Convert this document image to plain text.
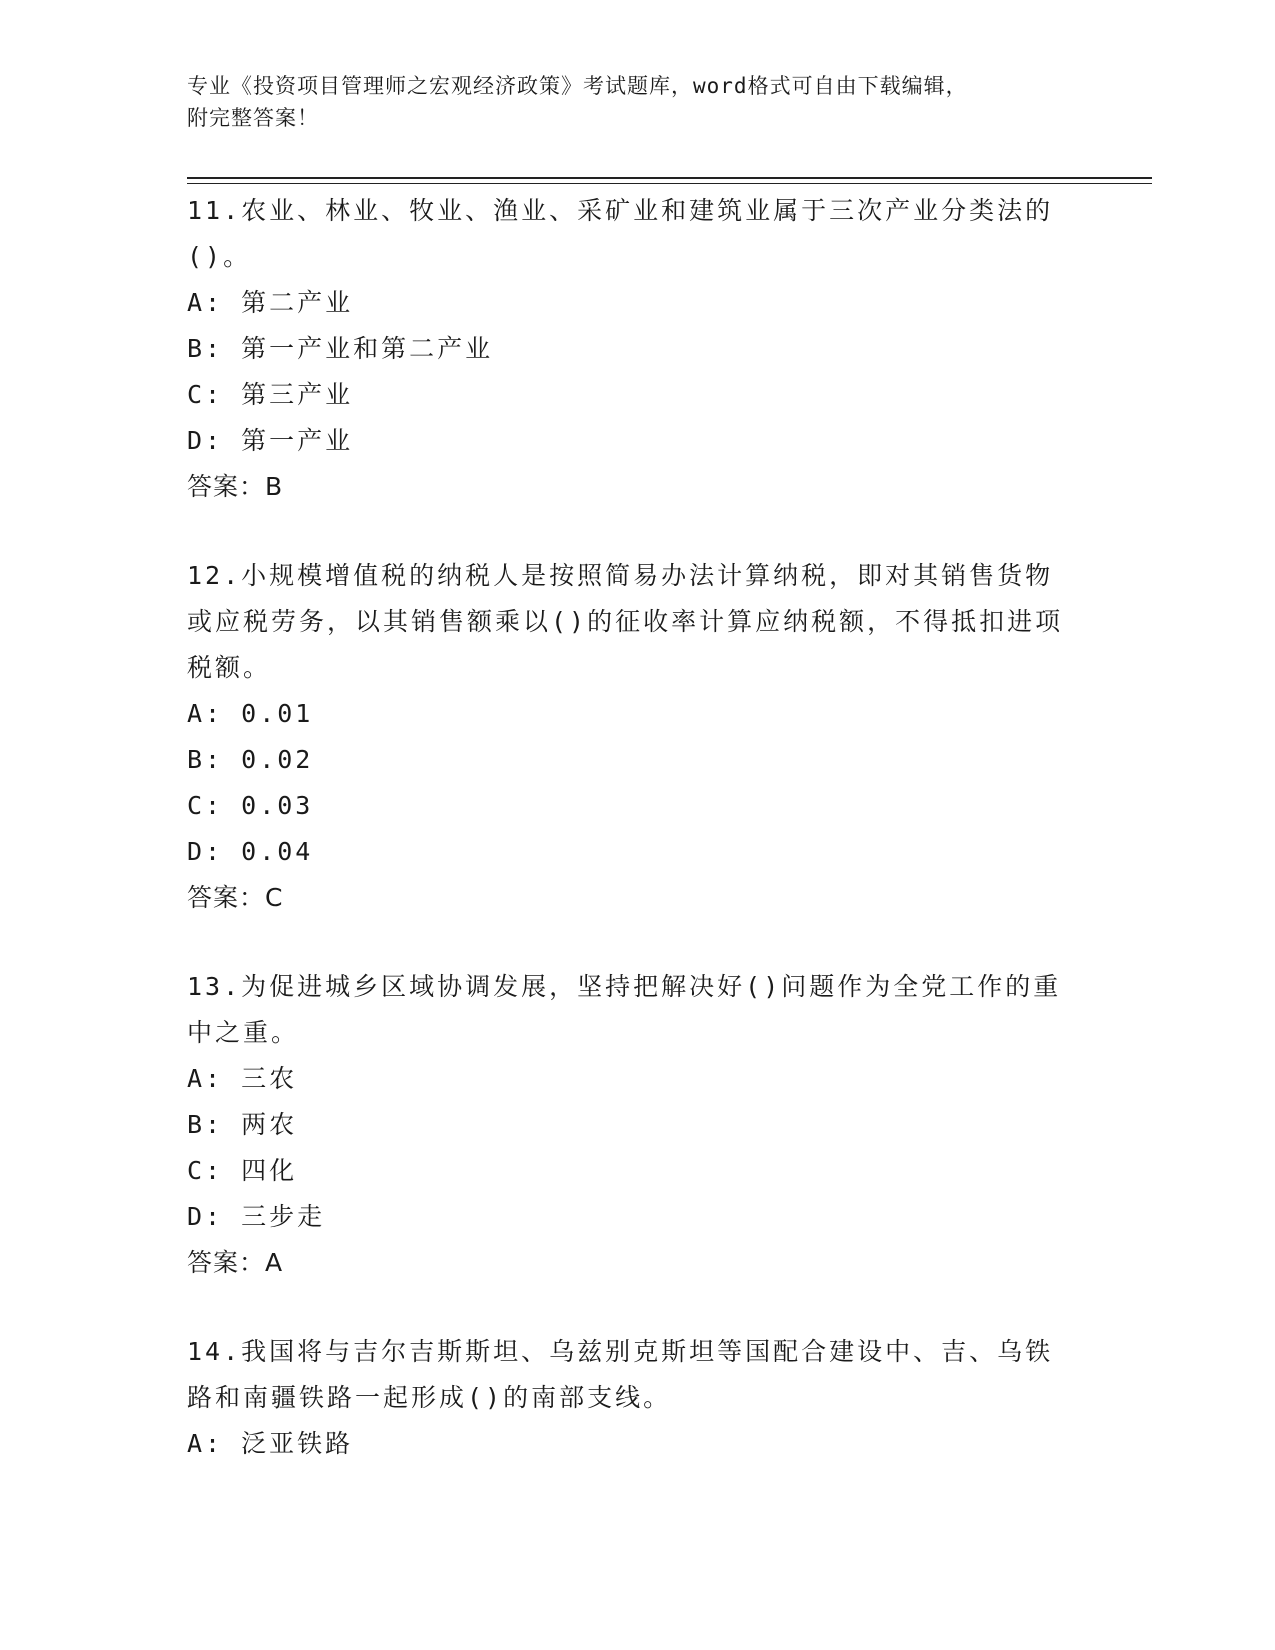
专业《投资项目管理师之宏观经济政策》考试题库，word格式可自由下载编辑，
附完整答案！

11.农业、林业、牧业、渔业、采矿业和建筑业属于三次产业分类法的()。

A: 第二产业

B: 第一产业和第二产业

C: 第三产业

D: 第一产业

答案：B

12.小规模增值税的纳税人是按照简易办法计算纳税，即对其销售货物或应税劳务，以其销售额乘以()的征收率计算应纳税额，不得抵扣进项税额。

A: 0.01

B: 0.02

C: 0.03

D: 0.04

答案：C

13.为促进城乡区域协调发展，坚持把解决好()问题作为全党工作的重中之重。

A: 三农

B: 两农

C: 四化

D: 三步走

答案：A

14.我国将与吉尔吉斯斯坦、乌兹别克斯坦等国配合建设中、吉、乌铁路和南疆铁路一起形成()的南部支线。

A: 泛亚铁路
